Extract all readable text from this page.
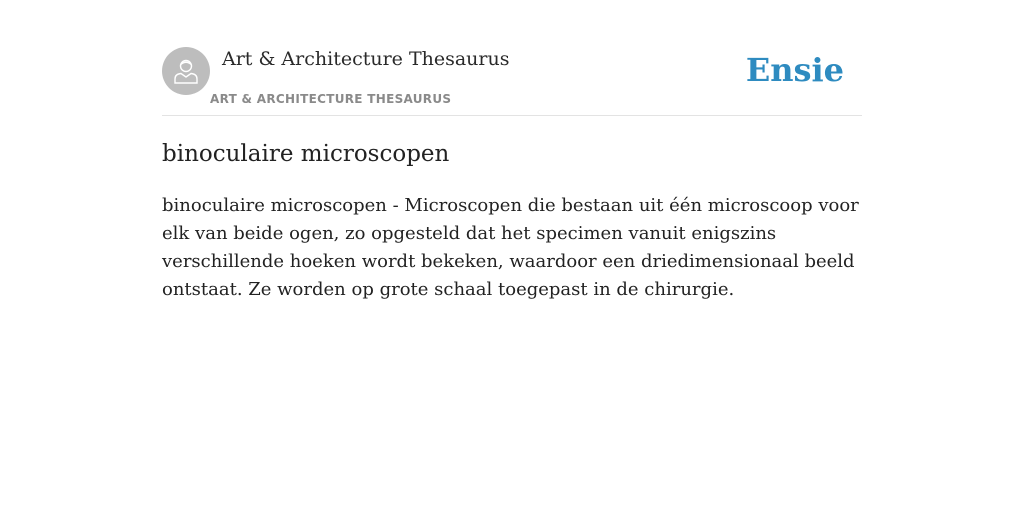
Art & Architecture Thesaurus
ART & ARCHITECTURE THESAURUS
Ensie
binoculaire microscopen

binoculaire microscopen - Microscopen die bestaan uit één microscoop voor elk van beide ogen, zo opgesteld dat het specimen vanuit enigszins verschillende hoeken wordt bekeken, waardoor een driedimensionaal beeld ontstaat. Ze worden op grote schaal toegepast in de chirurgie.
